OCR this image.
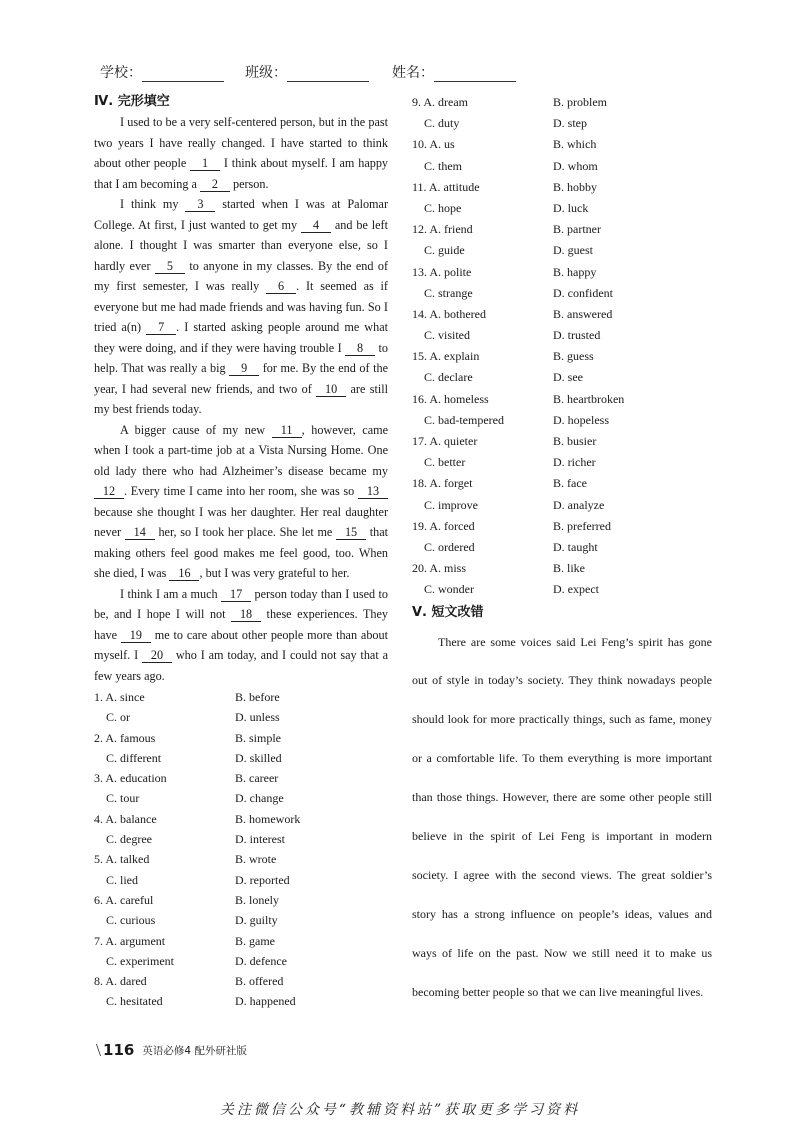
学校：	班级：	姓名：
Ⅳ. 完形填空
I used to be a very self-centered person, but in the past two years I have really changed. I have started to think about other people 1 I think about myself. I am happy that I am becoming a 2 person.
I think my 3 started when I was at Palomar College. At first, I just wanted to get my 4 and be left alone. I thought I was smarter than everyone else, so I hardly ever 5 to anyone in my classes. By the end of my first semester, I was really 6 . It seemed as if everyone but me had made friends and was having fun. So I tried a(n) 7 . I started asking people around me what they were doing, and if they were having trouble I 8 to help. That was really a big 9 for me. By the end of the year, I had several new friends, and two of 10 are still my best friends today.
A bigger cause of my new 11 , however, came when I took a part-time job at a Vista Nursing Home. One old lady there who had Alzheimer’s disease became my 12 . Every time I came into her room, she was so 13 because she thought I was her daughter. Her real daughter never 14 her, so I took her place. She let me 15 that making others feel good makes me feel good, too. When she died, I was 16 , but I was very grateful to her.
I think I am a much 17 person today than I used to be, and I hope I will not 18 these experiences. They have 19 me to care about other people more than about myself. I 20 who I am today, and I could not say that a few years ago.
1. A. since	B. before
C. or	D. unless
2. A. famous	B. simple
C. different	D. skilled
3. A. education	B. career
C. tour	D. change
4. A. balance	B. homework
C. degree	D. interest
5. A. talked	B. wrote
C. lied	D. reported
6. A. careful	B. lonely
C. curious	D. guilty
7. A. argument	B. game
C. experiment	D. defence
8. A. dared	B. offered
C. hesitated	D. happened
9. A. dream	B. problem
C. duty	D. step
10. A. us	B. which
C. them	D. whom
11. A. attitude	B. hobby
C. hope	D. luck
12. A. friend	B. partner
C. guide	D. guest
13. A. polite	B. happy
C. strange	D. confident
14. A. bothered	B. answered
C. visited	D. trusted
15. A. explain	B. guess
C. declare	D. see
16. A. homeless	B. heartbroken
C. bad-tempered	D. hopeless
17. A. quieter	B. busier
C. better	D. richer
18. A. forget	B. face
C. improve	D. analyze
19. A. forced	B. preferred
C. ordered	D. taught
20. A. miss	B. like
C. wonder	D. expect
Ⅴ. 短文改错
There are some voices said Lei Feng’s spirit has gone out of style in today’s society. They think nowadays people should look for more practically things, such as fame, money or a comfortable life. To them everything is more important than those things. However, there are some other people still believe in the spirit of Lei Feng is important in modern society. I agree with the second views. The great soldier’s story has a strong influence on people’s ideas, values and ways of life on the past. Now we still need it to make us becoming better people so that we can live meaningful lives.
\ 116 英语必修4 配外研社版
关注微信公众号“教辅资料站”获取更多学习资料
